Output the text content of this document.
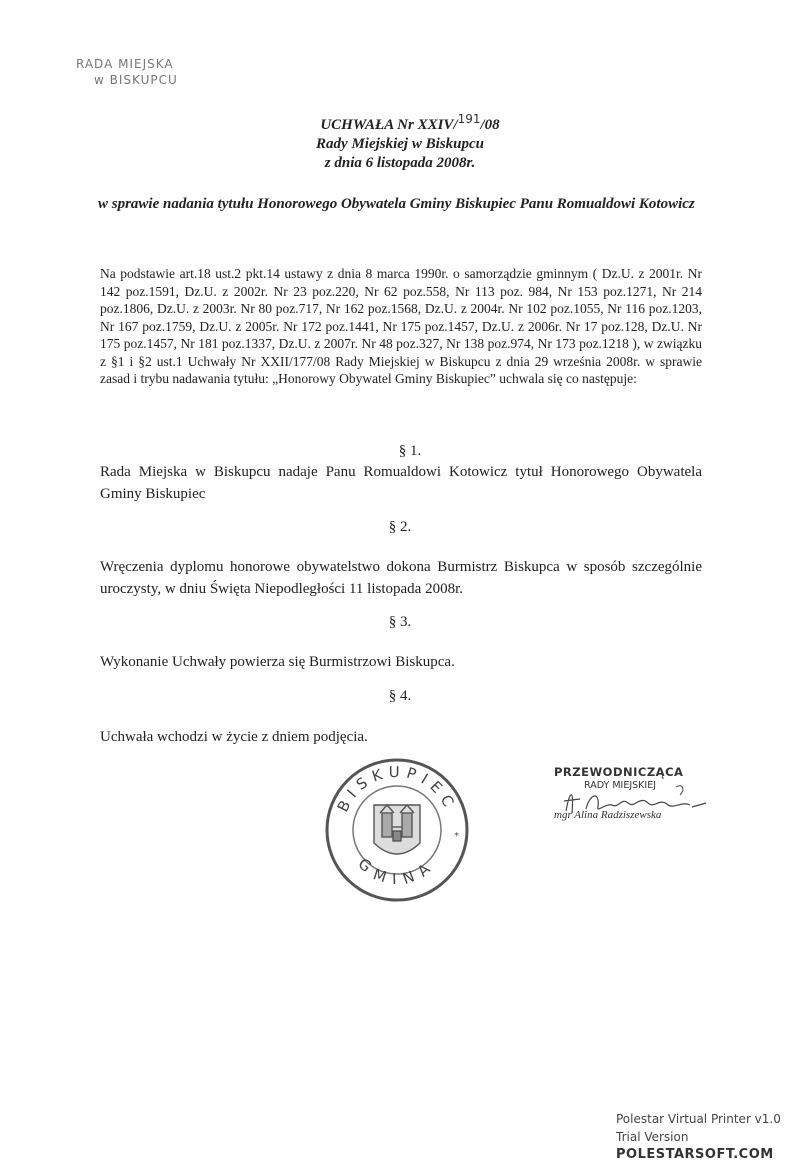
RADA MIEJSKA
w BISKUPCU
UCHWAŁA Nr XXIV/$^{191}$/08
Rady Miejskiej w Biskupcu
z dnia 6 listopada 2008r.
w sprawie nadania tytułu Honorowego Obywatela Gminy Biskupiec Panu Romualdowi Kotowicz
Na podstawie art.18 ust.2 pkt.14 ustawy z dnia 8 marca 1990r. o samorządzie gminnym ( Dz.U. z 2001r. Nr 142 poz.1591, Dz.U. z 2002r. Nr 23 poz.220, Nr 62 poz.558, Nr 113 poz. 984, Nr 153 poz.1271, Nr 214 poz.1806, Dz.U. z 2003r. Nr 80 poz.717, Nr 162 poz.1568, Dz.U. z 2004r. Nr 102 poz.1055, Nr 116 poz.1203, Nr 167 poz.1759, Dz.U. z 2005r. Nr 172 poz.1441, Nr 175 poz.1457, Dz.U. z 2006r. Nr 17 poz.128, Dz.U. Nr 175 poz.1457, Nr 181 poz.1337, Dz.U. z 2007r. Nr 48 poz.327, Nr 138 poz.974, Nr 173 poz.1218 ), w związku z §1 i §2 ust.1 Uchwały Nr XXII/177/08 Rady Miejskiej w Biskupcu z dnia 29 września 2008r. w sprawie zasad i trybu nadawania tytułu: „Honorowy Obywatel Gminy Biskupiec” uchwala się co następuje:
§ 1.
Rada Miejska w Biskupcu nadaje Panu Romualdowi Kotowicz tytuł Honorowego Obywatela Gminy Biskupiec
§ 2.
Wręczenia dyplomu honorowe obywatelstwo dokona Burmistrz Biskupca w sposób szczególnie uroczysty, w dniu Święta Niepodległości 11 listopada 2008r.
§ 3.
Wykonanie Uchwały powierza się Burmistrzowi Biskupca.
§ 4.
Uchwała wchodzi w życie z dniem podjęcia.
BISKUPIEC
GMINA
*
PRZEWODNICZĄCA
RADY MIEJSKIEJ
mgr Alina Radziszewska
Polestar Virtual Printer v1.0
Trial Version
POLESTARSOFT.COM
